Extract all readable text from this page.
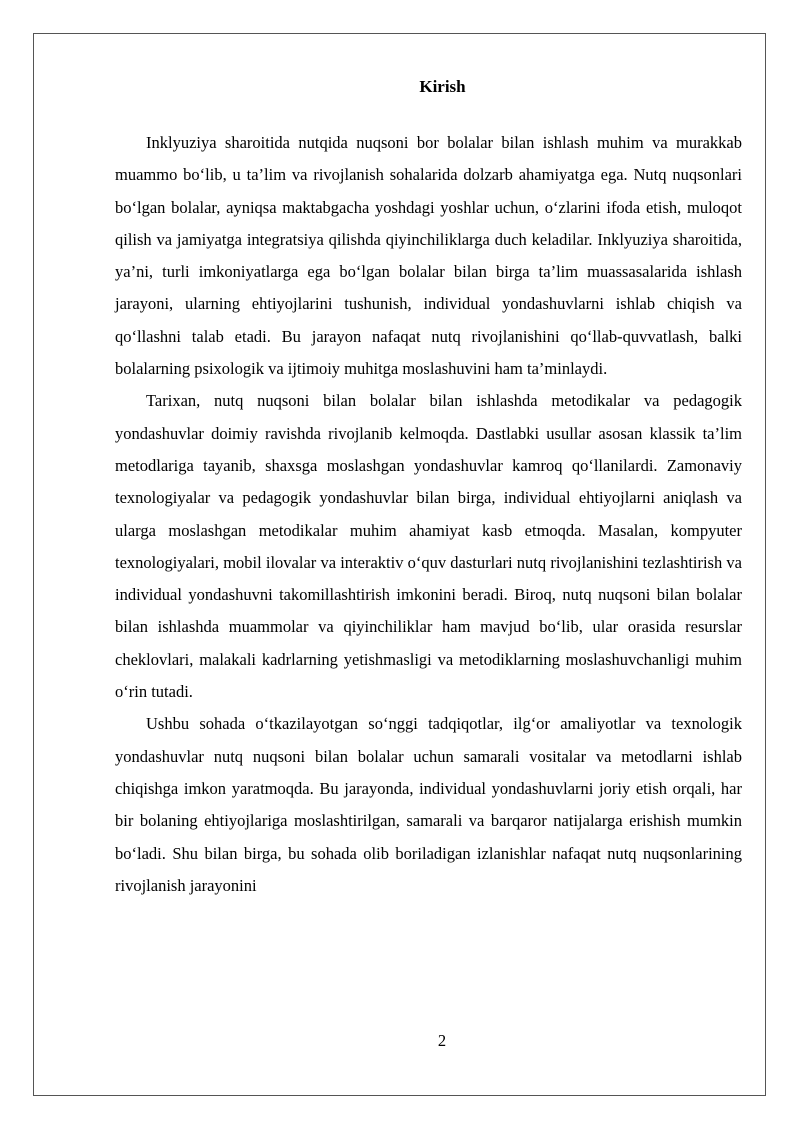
Kirish

Inklyuziya sharoitida nutqida nuqsoni bor bolalar bilan ishlash muhim va murakkab muammo bo‘lib, u ta’lim va rivojlanish sohalarida dolzarb ahamiyatga ega. Nutq nuqsonlari bo‘lgan bolalar, ayniqsa maktabgacha yoshdagi yoshlar uchun, o‘zlarini ifoda etish, muloqot qilish va jamiyatga integratsiya qilishda qiyinchiliklarga duch keladilar. Inklyuziya sharoitida, ya’ni, turli imkoniyatlarga ega bo‘lgan bolalar bilan birga ta’lim muassasalarida ishlash jarayoni, ularning ehtiyojlarini tushunish, individual yondashuvlarni ishlab chiqish va qo‘llashni talab etadi. Bu jarayon nafaqat nutq rivojlanishini qo‘llab-quvvatlash, balki bolalarning psixologik va ijtimoiy muhitga moslashuvini ham ta’minlaydi.

Tarixan, nutq nuqsoni bilan bolalar bilan ishlashda metodikalar va pedagogik yondashuvlar doimiy ravishda rivojlanib kelmoqda. Dastlabki usullar asosan klassik ta’lim metodlariga tayanib, shaxsga moslashgan yondashuvlar kamroq qo‘llanilardi. Zamonaviy texnologiyalar va pedagogik yondashuvlar bilan birga, individual ehtiyojlarni aniqlash va ularga moslashgan metodikalar muhim ahamiyat kasb etmoqda. Masalan, kompyuter texnologiyalari, mobil ilovalar va interaktiv o‘quv dasturlari nutq rivojlanishini tezlashtirish va individual yondashuvni takomillashtirish imkonini beradi. Biroq, nutq nuqsoni bilan bolalar bilan ishlashda muammolar va qiyinchiliklar ham mavjud bo‘lib, ular orasida resurslar cheklovlari, malakali kadrlarning yetishmasligi va metodiklarning moslashuvchanligi muhim o‘rin tutadi.

Ushbu sohada o‘tkazilayotgan so‘nggi tadqiqotlar, ilg‘or amaliyotlar va texnologik yondashuvlar nutq nuqsoni bilan bolalar uchun samarali vositalar va metodlarni ishlab chiqishga imkon yaratmoqda. Bu jarayonda, individual yondashuvlarni joriy etish orqali, har bir bolaning ehtiyojlariga moslashtirilgan, samarali va barqaror natijalarga erishish mumkin bo‘ladi. Shu bilan birga, bu sohada olib boriladigan izlanishlar nafaqat nutq nuqsonlarining rivojlanish jarayonini

2
